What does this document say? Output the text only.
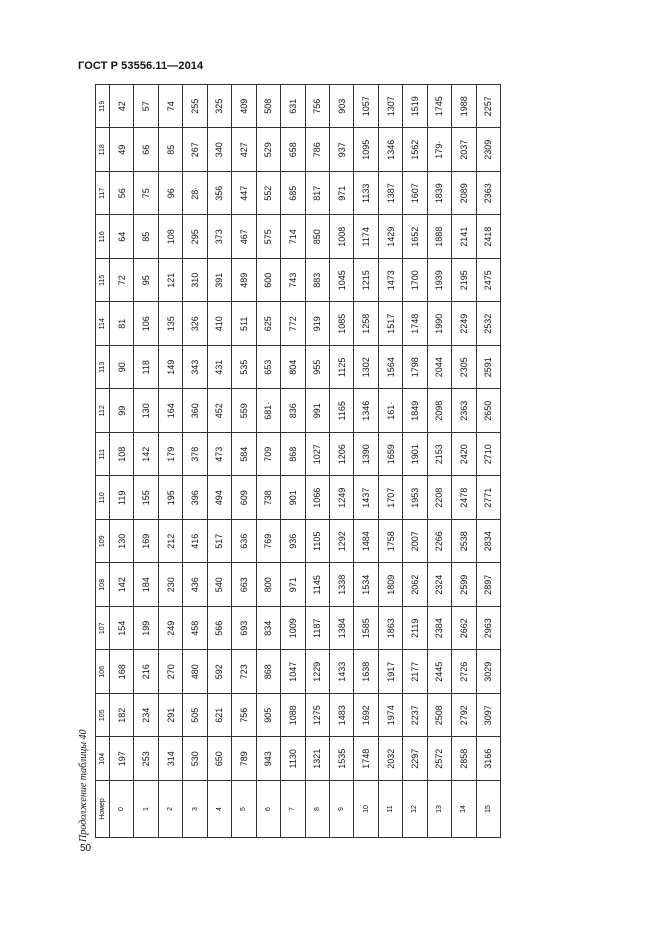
ГОСТ Р 53556.11—2014
Продолжение таблицы 40 Номер	104	105	106	107	108	109	110	111	112	113	114	115	116	117	118	119										
0	197	182	168	154	142	130	119	108	99	90	81	72	64	56	49	42										
1	253	234	216	199	184	169	155	142	130	118	106	95	85	75	66	57										
2	314	291	270	249	230	212	195	179	164	149	135	121	108	96	85	74										
3	530	505	480	458	436	416	396	378	360	343	326	310	295	28·	267	255										
4	650	621	592	566	540	517	494	473	452	431	410	391	373	356	340	325										
5	789	756	723	693	663	636	609	584	559	535	511	489	467	447	427	409										
6	943	905	868	834	800	769	738	709	681·	653	625	600	575	552	529	508										
7	1130	1088	1047	1009	971	936	901	868	836	804	772	743	714	685	658	631										
8	1321	1275	1229	1187	1145	1105	1066	1027	991	955	919	883	850	817	786	756										
9	1535	1483	1433	1384	1338	1292	1249	1206	1165	1125	1085	1045	1008	971	937	903										
10	1748	1692	1638	1585	1534	1484	1437	1390	1346	1302	1258	1215	1174	1133	1095	1057										
11	2032	1974	1917	1863	1809	1758	1707	1659	161·	1564	1517	1473	1429	1387	1346	1307										
12	2297	2237	2177	2119	2062	2007	1953	1901	1849	1798	1748	1700	1652	1607	1562	1519										
13	2572	2508	2445	2384	2324	2266	2208	2153	2098	2044	1990	1939	1888	1839	179·	1745										
14	2858	2792	2726	2662	2599	2538	2478	2420	2363	2305	2249	2195	2141	2089	2037	1988										
15	3166	3097	3029	2963	2897	2834	2771	2710	2650	2591	2532	2475	2418	2363	2309	2257										
50
